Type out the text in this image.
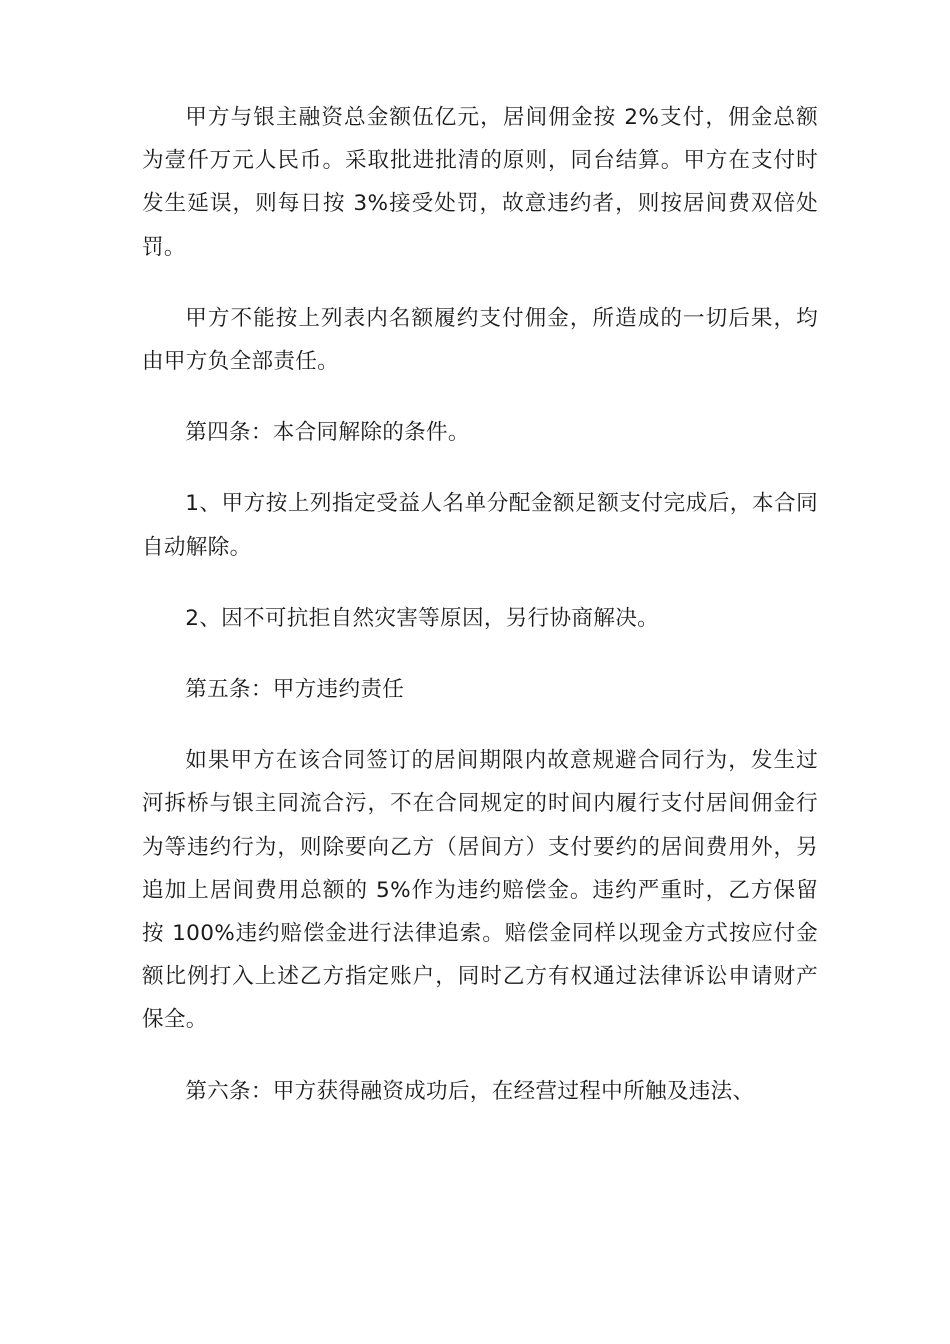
甲方与银主融资总金额伍亿元，居间佣金按 2%支付，佣金总额为壹仟万元人民币。采取批进批清的原则，同台结算。甲方在支付时发生延误，则每日按 3%接受处罚，故意违约者，则按居间费双倍处罚。

甲方不能按上列表内名额履约支付佣金，所造成的一切后果，均由甲方负全部责任。

第四条：本合同解除的条件。

1、甲方按上列指定受益人名单分配金额足额支付完成后，本合同自动解除。

2、因不可抗拒自然灾害等原因，另行协商解决。

第五条：甲方违约责任

如果甲方在该合同签订的居间期限内故意规避合同行为，发生过河拆桥与银主同流合污，不在合同规定的时间内履行支付居间佣金行为等违约行为，则除要向乙方（居间方）支付要约的居间费用外，另追加上居间费用总额的 5%作为违约赔偿金。违约严重时，乙方保留按 100%违约赔偿金进行法律追索。赔偿金同样以现金方式按应付金额比例打入上述乙方指定账户，同时乙方有权通过法律诉讼申请财产保全。

第六条：甲方获得融资成功后，在经营过程中所触及违法、
